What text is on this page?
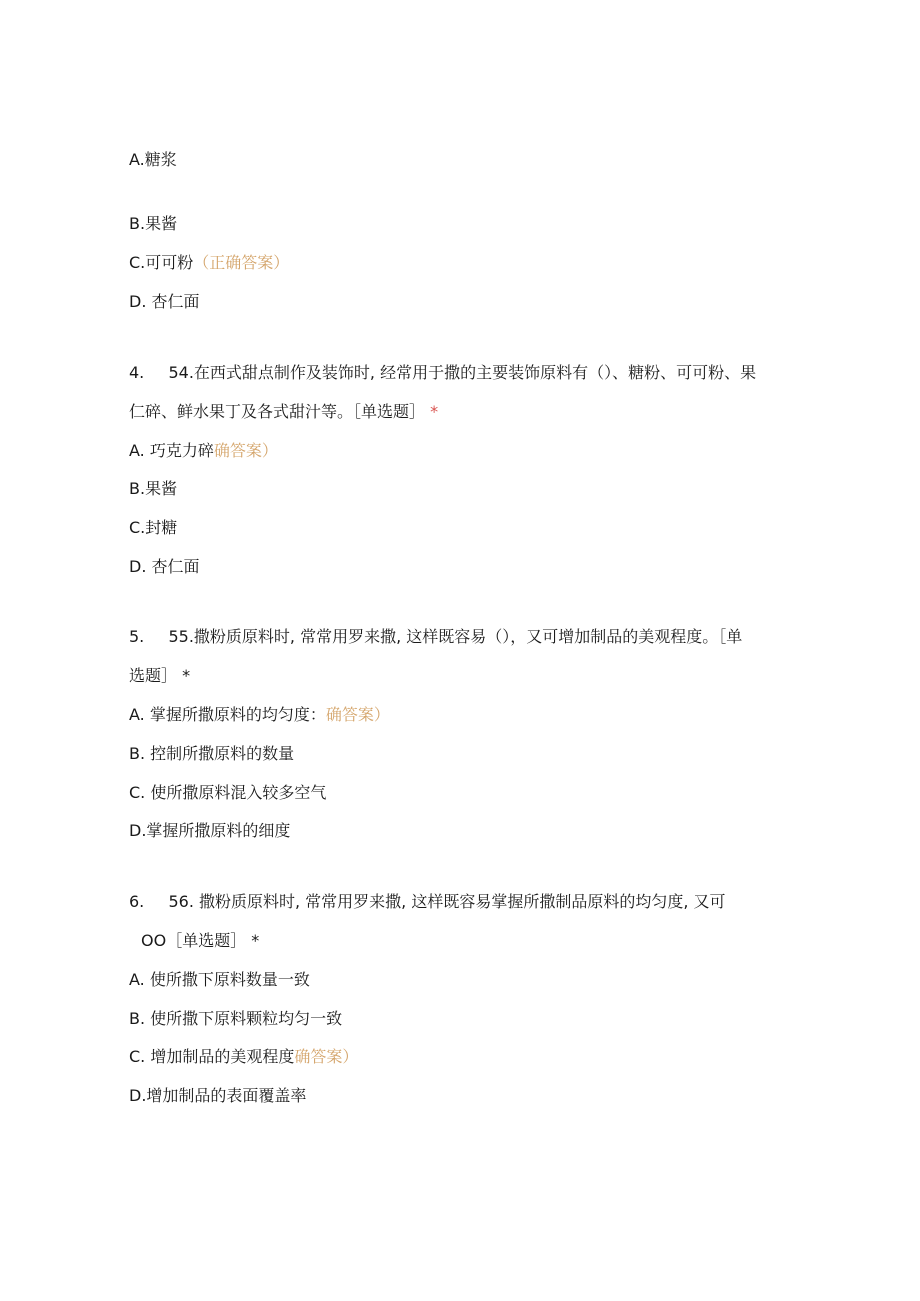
A.糖浆
B.果酱
C.可可粉（正确答案）
D. 杏仁面
4. 54.在西式甜点制作及装饰时, 经常用于撒的主要装饰原料有（）、糖粉、可可粉、果
仁碎、鲜水果丁及各式甜汁等。［单选题］ *
A. 巧克力碎确答案）
B.果酱
C.封糖
D. 杏仁面
5. 55.撒粉质原料时, 常常用罗来撒, 这样既容易（），又可增加制品的美观程度。［单
选题］ *
A. 掌握所撒原料的均匀度：确答案）
B. 控制所撒原料的数量
C. 使所撒原料混入较多空气
D.掌握所撒原料的细度
6. 56. 撒粉质原料时, 常常用罗来撒, 这样既容易掌握所撒制品原料的均匀度, 又可
OO［单选题］ *
A. 使所撒下原料数量一致
B. 使所撒下原料颗粒均匀一致
C. 增加制品的美观程度确答案）
D.增加制品的表面覆盖率
